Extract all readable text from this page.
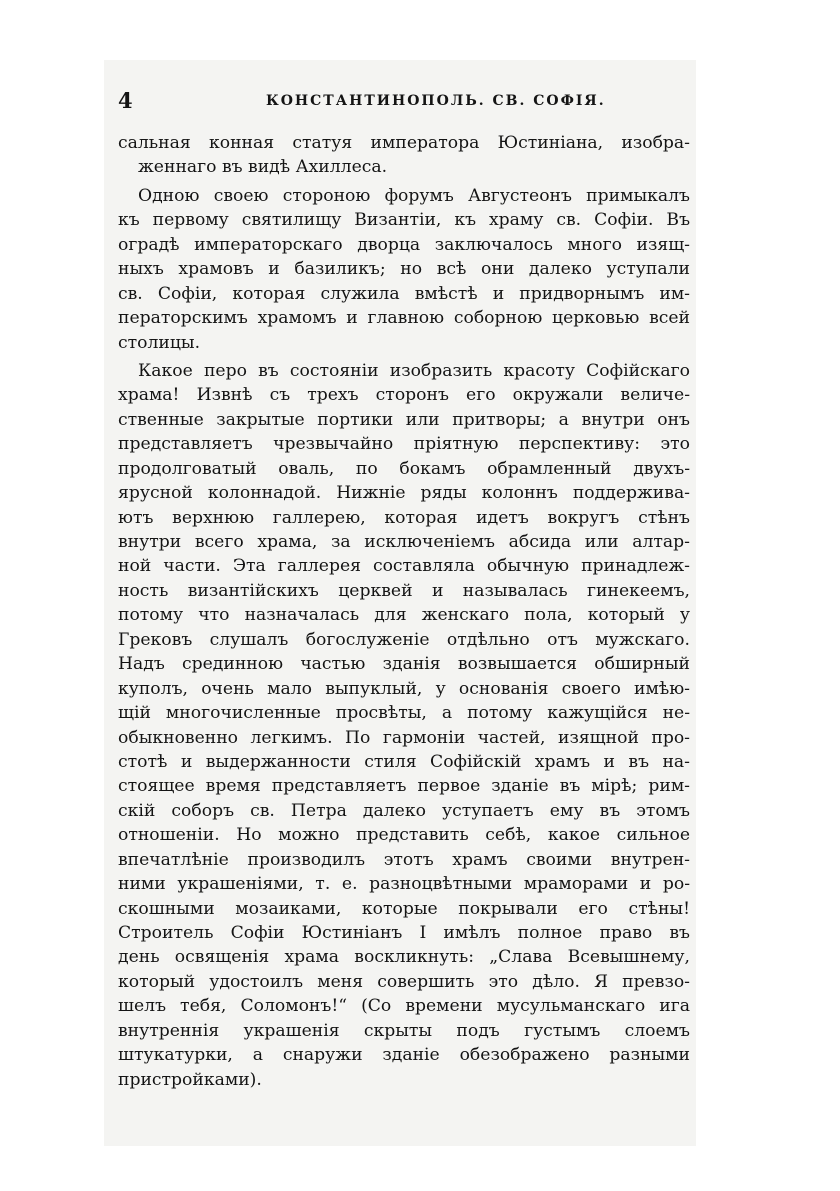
4	КОНСТАНТИНОПОЛЬ. СВ. СОФІЯ.
сальная конная статуя императора Юстиніана, изобра-
женнаго въ видѣ Ахиллеса.
Одною своею стороною форумъ Августеонъ примыкалъ
къ первому святилищу Византіи, къ храму св. Софіи. Въ
оградѣ императорскаго дворца заключалось много изящ-
ныхъ храмовъ и базиликъ; но всѣ они далеко уступали
св. Софіи, которая служила вмѣстѣ и придворнымъ им-
ператорскимъ храмомъ и главною соборною церковью всей
столицы.
Какое перо въ состояніи изобразить красоту Софійскаго
храма! Извнѣ съ трехъ сторонъ его окружали величе-
ственные закрытые портики или притворы; а внутри онъ
представляетъ чрезвычайно пріятную перспективу: это
продолговатый оваль, по бокамъ обрамленный двухъ-
ярусной колоннадой. Нижніе ряды колоннъ поддержива-
ютъ верхнюю галлерею, которая идетъ вокругъ стѣнъ
внутри всего храма, за исключеніемъ абсида или алтар-
ной части. Эта галлерея составляла обычную принадлеж-
ность византійскихъ церквей и называлась гинекеемъ,
потому что назначалась для женскаго пола, который у
Грековъ слушалъ богослуженіе отдѣльно отъ мужскаго.
Надъ срединною частью зданія возвышается обширный
куполъ, очень мало выпуклый, у основанія своего имѣю-
щій многочисленные просвѣты, а потому кажущійся не-
обыкновенно легкимъ. По гармоніи частей, изящной про-
стотѣ и выдержанности стиля Софійскій храмъ и въ на-
стоящее время представляетъ первое зданіе въ мірѣ; рим-
скій соборъ св. Петра далеко уступаетъ ему въ этомъ
отношеніи. Но можно представить себѣ, какое сильное
впечатлѣніе производилъ этотъ храмъ своими внутрен-
ними украшеніями, т. е. разноцвѣтными мраморами и ро-
скошными мозаиками, которые покрывали его стѣны!
Строитель Софіи Юстиніанъ I имѣлъ полное право въ
день освященія храма воскликнуть: „Слава Всевышнему,
который удостоилъ меня совершить это дѣло. Я превзо-
шелъ тебя, Соломонъ!“ (Со времени мусульманскаго ига
внутреннія украшенія скрыты подъ густымъ слоемъ
штукатурки, а снаружи зданіе обезображено разными
пристройками).
